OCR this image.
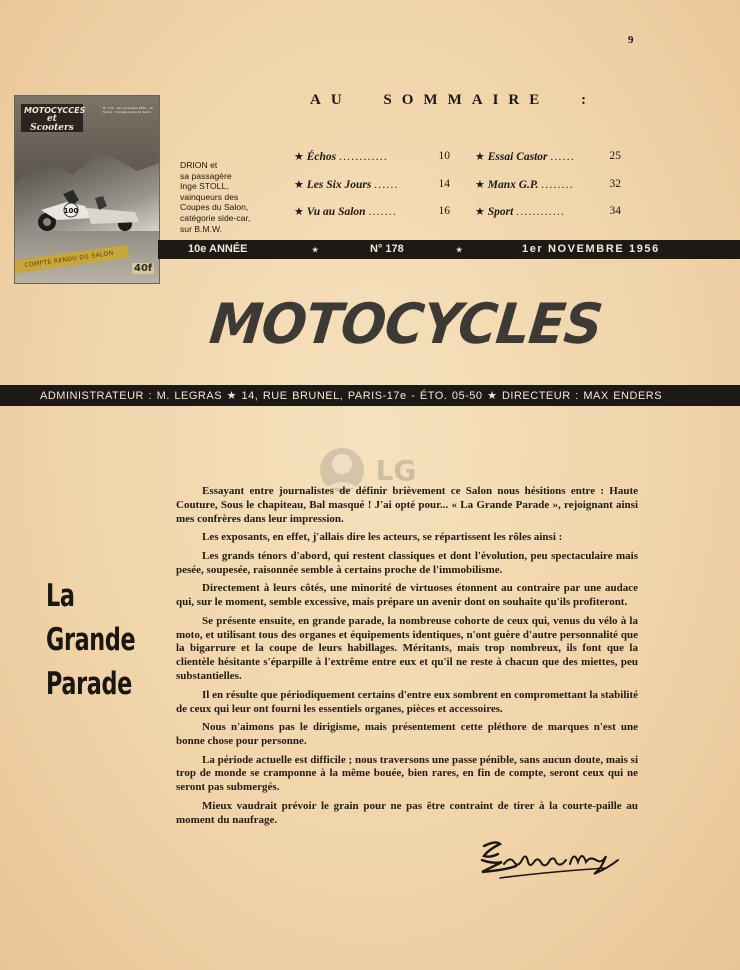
9
MOTOCYCCES
et Scooters
N° 178 - 1er novembre 1956 · 40 francs · Compte rendu du Salon
100
COMPTE RENDU DU SALON	40f
DRION et
sa passagère
Inge STOLL,
vainqueurs des
Coupes du Salon,
catégorie side-car,
sur B.M.W.
AU SOMMAIRE :
★ Échos ............	10
★ Les Six Jours ......	14
★ Vu au Salon .......	16
★ Essai Castor ......	25
★ Manx G.P. ........	32
★ Sport ............	34
10e ANNÉE	★	N° 178	★	1er NOVEMBRE 1956
MOTOCYCLES
ADMINISTRATEUR : M. LEGRAS ★ 14, RUE BRUNEL, PARIS-17e - ÉTO. 05-50 ★ DIRECTEUR : MAX ENDERS
LG
La
Grande
Parade

Essayant entre journalistes de définir brièvement ce Salon nous hésitions entre : Haute Couture, Sous le chapiteau, Bal masqué ! J'ai opté pour... « La Grande Parade », rejoignant ainsi mes confrères dans leur impression.

Les exposants, en effet, j'allais dire les acteurs, se répartissent les rôles ainsi :

Les grands ténors d'abord, qui restent classiques et dont l'évolution, peu spectaculaire mais pesée, soupesée, raisonnée semble à certains proche de l'immobilisme.

Directement à leurs côtés, une minorité de virtuoses étonnent au contraire par une audace qui, sur le moment, semble excessive, mais prépare un avenir dont on souhaite qu'ils profiteront.

Se présente ensuite, en grande parade, la nombreuse cohorte de ceux qui, venus du vélo à la moto, et utilisant tous des organes et équipements identiques, n'ont guère d'autre personnalité que la bigarrure et la coupe de leurs habillages. Méritants, mais trop nombreux, ils font que la clientèle hésitante s'éparpille à l'extrême entre eux et qu'il ne reste à chacun que des miettes, peu substantielles.

Il en résulte que périodiquement certains d'entre eux sombrent en compromettant la stabilité de ceux qui leur ont fourni les essentiels organes, pièces et accessoires.

Nous n'aimons pas le dirigisme, mais présentement cette pléthore de marques n'est une bonne chose pour personne.

La période actuelle est difficile ; nous traversons une passe pénible, sans aucun doute, mais si trop de monde se cramponne à la même bouée, bien rares, en fin de compte, seront ceux qui ne seront pas submergés.

Mieux vaudrait prévoir le grain pour ne pas être contraint de tirer à la courte-paille au moment du naufrage.
